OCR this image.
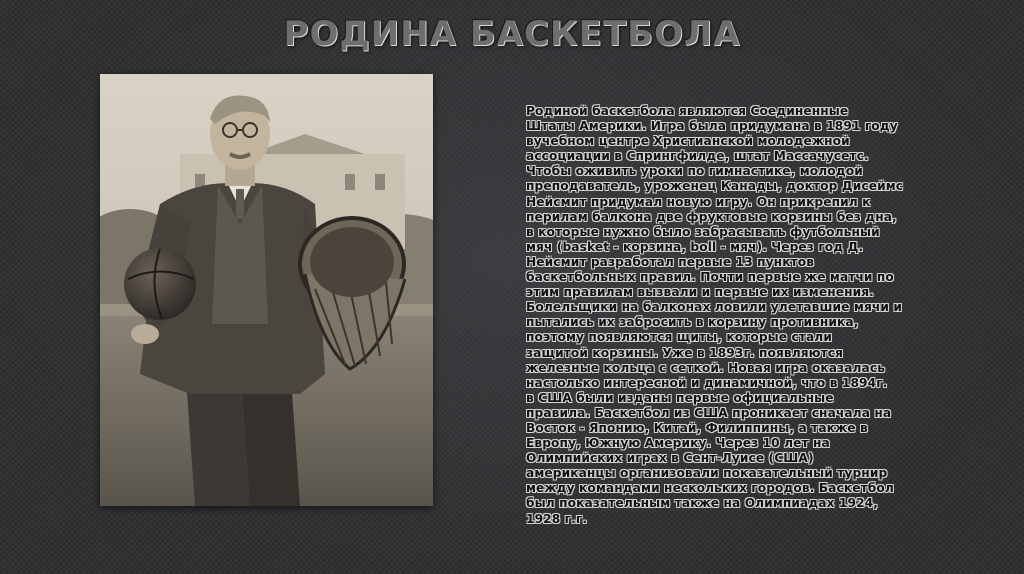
РОДИНА БАСКЕТБОЛА
Родиной баскетбола являются Соединенные
Штаты Америки. Игра была придумана в 1891 году
вучебном центре Христианской молодежной
ассоциации в Спрингфилде, штат Массачусетс.
Чтобы оживить уроки по гимнастике, молодой
преподаватель, уроженец Канады, доктор Дисеймс
Нейсмит придумал новую игру. Он прикрепил к
перилам балкона две фруктовые корзины без дна,
в которые нужно было забрасывать футбольный
мяч (basket - корзина, boll - мяч). Через год Д.
Нейсмит разработал первые 13 пунктов
баскетбольных правил. Почти первые же матчи по
этим правилам вызвали и первые их изменения.
Болельщики на балконах ловили улетавшие мячи и
пытались их забросить в корзину противника,
поэтому появляются щиты, которые стали
защитой корзины. Уже в 1893г. появляются
железные кольца с сеткой. Новая игра оказалась
настолько интересной и динамичной, что в 1894г.
в США были изданы первые официальные
правила. Баскетбол из США проникает сначала на
Восток - Японию, Китай, Филиппины, а также в
Европу, Южную Америку. Через 10 лет на
Олимпийских играх в Сент-Луисе (США)
американцы организовали показательный турнир
между командами нескольких городов. Баскетбол
был показательным также на Олимпиадах 1924,
1928 г.г.
